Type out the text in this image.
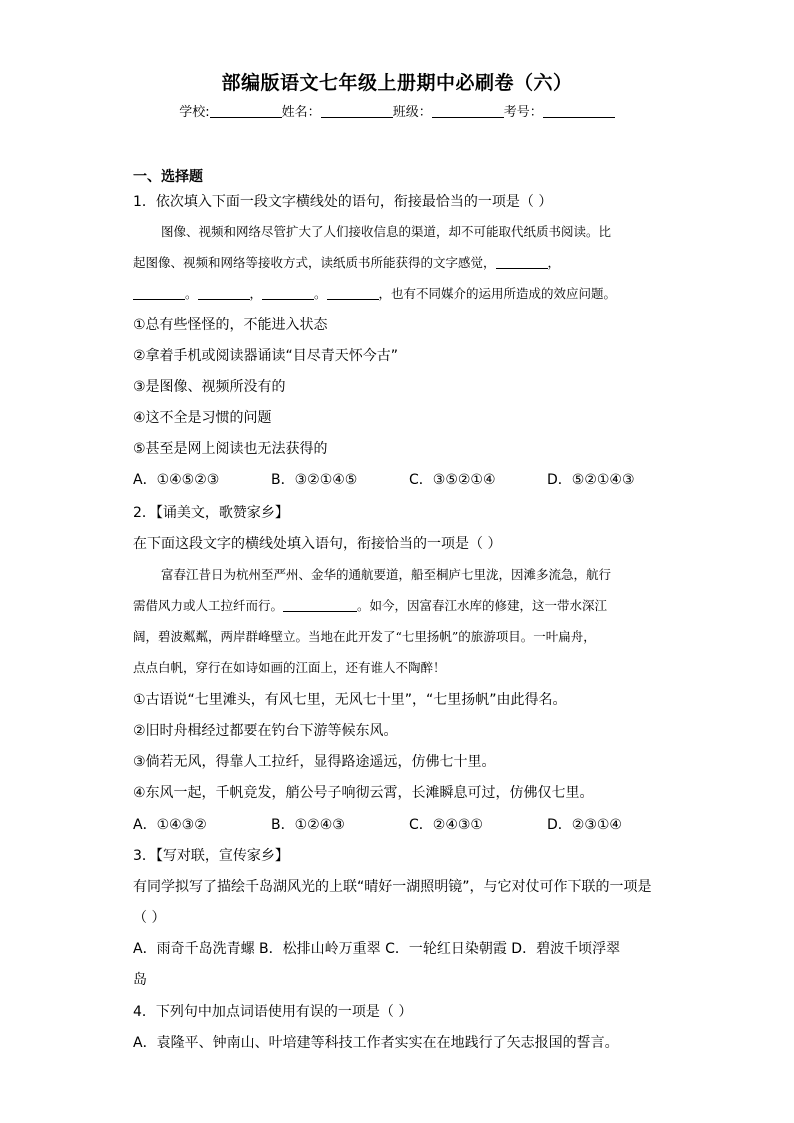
部编版语文七年级上册期中必刷卷（六）
学校:	姓名：	班级：	考号：
一、选择题
1．依次填入下面一段文字横线处的语句，衔接最恰当的一项是（ ）
图像、视频和网络尽管扩大了人们接收信息的渠道，却不可能取代纸质书阅读。比
起图像、视频和网络等接收方式，读纸质书所能获得的文字感觉，	，
。	，	。	，也有不同媒介的运用所造成的效应问题。
①总有些怪怪的，不能进入状态
②拿着手机或阅读器诵读“目尽青天怀今古”
③是图像、视频所没有的
④这不全是习惯的问题
⑤甚至是网上阅读也无法获得的
A．①④⑤②③	B．③②①④⑤	C．③⑤②①④	D．⑤②①④③
2．【诵美文，歌赞家乡】
在下面这段文字的横线处填入语句，衔接恰当的一项是（ ）
富春江昔日为杭州至严州、金华的通航要道，船至桐庐七里泷，因滩多流急，航行
需借风力或人工拉纤而行。	。如今，因富春江水库的修建，这一带水深江
阔，碧波粼粼，两岸群峰壁立。当地在此开发了“七里扬帆”的旅游项目。一叶扁舟，
点点白帆，穿行在如诗如画的江面上，还有谁人不陶醉！
①古语说“七里滩头，有风七里，无风七十里”，“七里扬帆”由此得名。
②旧时舟楫经过都要在钓台下游等候东风。
③倘若无风，得靠人工拉纤，显得路途遥远，仿佛七十里。
④东风一起，千帆竞发，艄公号子响彻云霄，长滩瞬息可过，仿佛仅七里。
A．①④③②	B．①②④③	C．②④③①	D．②③①④
3．【写对联，宣传家乡】
有同学拟写了描绘千岛湖风光的上联“晴好一湖照明镜”，与它对仗可作下联的一项是
（ ）
A．雨奇千岛洗青螺 B．松排山岭万重翠 C．一轮红日染朝霞 D．碧波千顷浮翠
岛
4．下列句中加点词语使用有误的一项是（ ）
A．袁隆平、钟南山、叶培建等科技工作者实实在在地践行了矢志报国的誓言。
